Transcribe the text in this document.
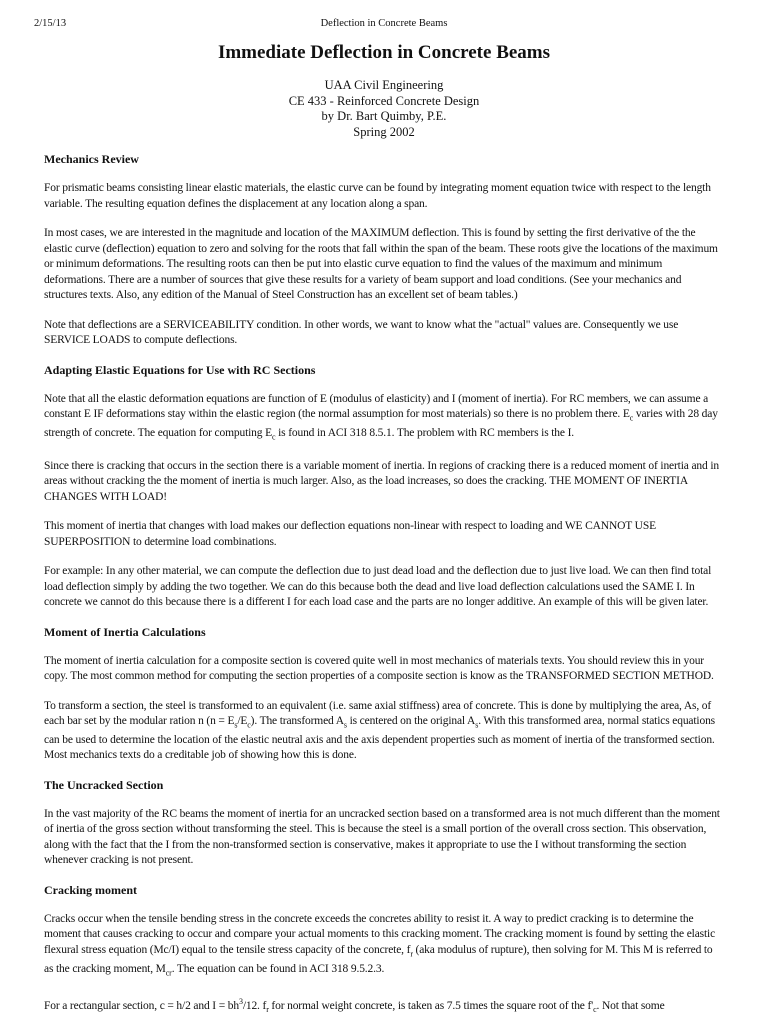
Deflection in Concrete Beams
2/15/13
Immediate Deflection in Concrete Beams
UAA Civil Engineering
CE 433 - Reinforced Concrete Design
by Dr. Bart Quimby, P.E.
Spring 2002
Mechanics Review

For prismatic beams consisting linear elastic materials, the elastic curve can be found by integrating moment equation twice with respect to the length variable. The resulting equation defines the displacement at any location along a span.

In most cases, we are interested in the magnitude and location of the MAXIMUM deflection. This is found by setting the first derivative of the the elastic curve (deflection) equation to zero and solving for the roots that fall within the span of the beam. These roots give the locations of the maximum or minimum deformations. The resulting roots can then be put into elastic curve equation to find the values of the maximum and minimum deformations. There are a number of sources that give these results for a variety of beam support and load conditions. (See your mechanics and structures texts. Also, any edition of the Manual of Steel Construction has an excellent set of beam tables.)

Note that deflections are a SERVICEABILITY condition. In other words, we want to know what the "actual" values are. Consequently we use SERVICE LOADS to compute deflections.

Adapting Elastic Equations for Use with RC Sections

Note that all the elastic deformation equations are function of E (modulus of elasticity) and I (moment of inertia). For RC members, we can assume a constant E IF deformations stay within the elastic region (the normal assumption for most materials) so there is no problem there. $E_c$ varies with 28 day strength of concrete. The equation for computing $E_c$ is found in ACI 318 8.5.1. The problem with RC members is the I.

Since there is cracking that occurs in the section there is a variable moment of inertia. In regions of cracking there is a reduced moment of inertia and in areas without cracking the the moment of inertia is much larger. Also, as the load increases, so does the cracking. THE MOMENT OF INERTIA CHANGES WITH LOAD!

This moment of inertia that changes with load makes our deflection equations non-linear with respect to loading and WE CANNOT USE SUPERPOSITION to determine load combinations.

For example: In any other material, we can compute the deflection due to just dead load and the deflection due to just live load. We can then find total load deflection simply by adding the two together. We can do this because both the dead and live load deflection calculations used the SAME I. In concrete we cannot do this because there is a different I for each load case and the parts are no longer additive. An example of this will be given later.

Moment of Inertia Calculations

The moment of inertia calculation for a composite section is covered quite well in most mechanics of materials texts. You should review this in your copy. The most common method for computing the section properties of a composite section is know as the TRANSFORMED SECTION METHOD.

To transform a section, the steel is transformed to an equivalent (i.e. same axial stiffness) area of concrete. This is done by multiplying the area, As, of each bar set by the modular ration n $(n = E_s/E_c)$. The transformed $A_s$ is centered on the original $A_s$. With this transformed area, normal statics equations can be used to determine the location of the elastic neutral axis and the axis dependent properties such as moment of inertia of the transformed section. Most mechanics texts do a creditable job of showing how this is done.

The Uncracked Section

In the vast majority of the RC beams the moment of inertia for an uncracked section based on a transformed area is not much different than the moment of inertia of the gross section without transforming the steel. This is because the steel is a small portion of the overall cross section. This observation, along with the fact that the I from the non-transformed section is conservative, makes it appropriate to use the I without transforming the section whenever cracking is not present.

Cracking moment

Cracks occur when the tensile bending stress in the concrete exceeds the concretes ability to resist it. A way to predict cracking is to determine the moment that causes cracking to occur and compare your actual moments to this cracking moment. The cracking moment is found by setting the elastic flexural stress equation (Mc/I) equal to the tensile stress capacity of the concrete, $f_r$ (aka modulus of rupture), then solving for M. This M is referred to as the cracking moment, $M_{cr}$. The equation can be found in ACI 318 9.5.2.3.

For a rectangular section, c = h/2 and $I = bh^3/12$. $f_r$ for normal weight concrete, is taken as 7.5 times the square root of the $f'_c$. Not that some
